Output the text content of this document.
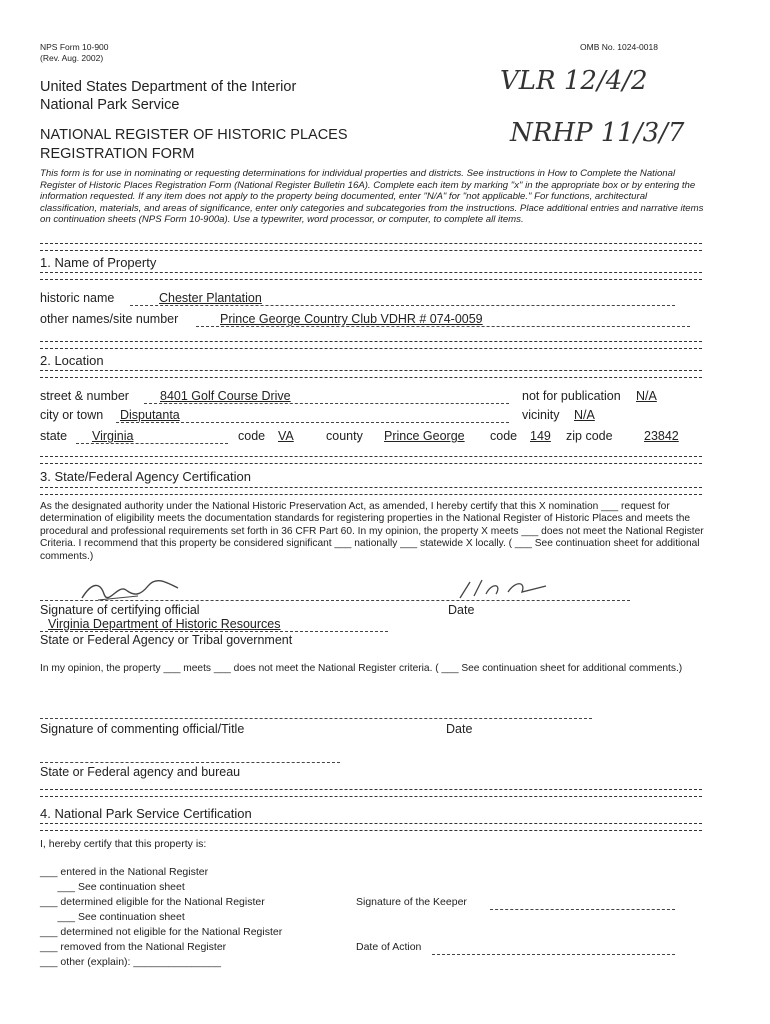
NPS Form 10-900
(Rev. Aug. 2002)
OMB No. 1024-0018
United States Department of the Interior
National Park Service
NATIONAL REGISTER OF HISTORIC PLACES
REGISTRATION FORM
VLR 12/4/2
NRHP 11/3/7
This form is for use in nominating or requesting determinations for individual properties and districts. See instructions in How to Complete the National Register of Historic Places Registration Form (National Register Bulletin 16A). Complete each item by marking "x" in the appropriate box or by entering the information requested. If any item does not apply to the property being documented, enter "N/A" for "not applicable." For functions, architectural classification, materials, and areas of significance, enter only categories and subcategories from the instructions. Place additional entries and narrative items on continuation sheets (NPS Form 10-900a). Use a typewriter, word processor, or computer, to complete all items.
1. Name of Property
historic name	Chester Plantation
other names/site number	Prince George Country Club VDHR # 074-0059
2. Location
street & number 8401 Golf Course Drive	not for publication N/A
city or town Disputanta	vicinity N/A
state Virginia	code VA	county Prince George code 149 zip code	23842
3. State/Federal Agency Certification
As the designated authority under the National Historic Preservation Act, as amended, I hereby certify that this X nomination ___ request for determination of eligibility meets the documentation standards for registering properties in the National Register of Historic Places and meets the procedural and professional requirements set forth in 36 CFR Part 60. In my opinion, the property X meets ___ does not meet the National Register Criteria. I recommend that this property be considered significant ___ nationally ___ statewide X locally. ( ___ See continuation sheet for additional comments.)
Signature of certifying official	Date
Virginia Department of Historic Resources
State or Federal Agency or Tribal government
In my opinion, the property ___ meets ___ does not meet the National Register criteria. ( ___ See continuation sheet for additional comments.)
Signature of commenting official/Title	Date
State or Federal agency and bureau
4. National Park Service Certification
I, hereby certify that this property is:
___ entered in the National Register
___ See continuation sheet
___ determined eligible for the National Register
___ See continuation sheet
___ determined not eligible for the National Register
___ removed from the National Register
___ other (explain): _______________
Signature of the Keeper
Date of Action
